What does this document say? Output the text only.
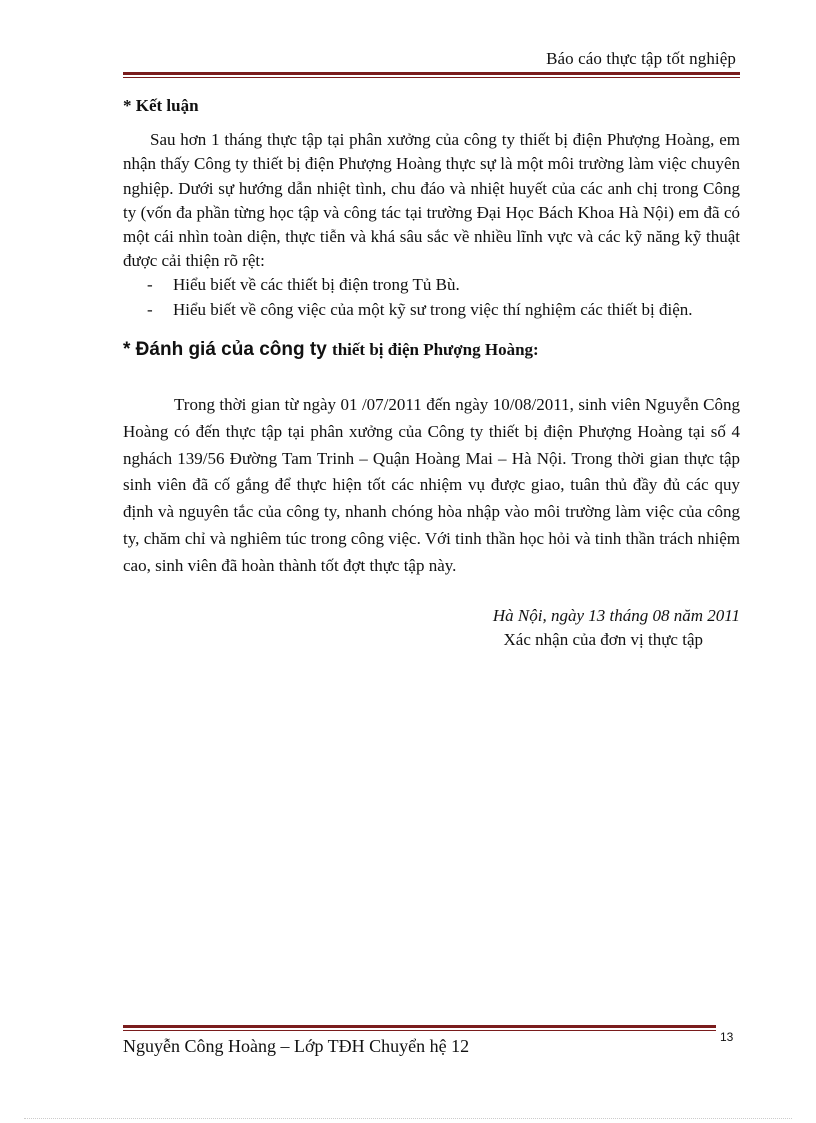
Báo cáo thực tập tốt nghiệp

* Kết luận

Sau hơn 1 tháng thực tập tại phân xưởng của công ty thiết bị điện Phượng Hoàng, em nhận thấy Công ty thiết bị điện Phượng Hoàng thực sự là một môi trường làm việc chuyên nghiệp. Dưới sự hướng dẫn nhiệt tình, chu đáo và nhiệt huyết của các anh chị trong Công ty (vốn đa phần từng học tập và công tác tại trường Đại Học Bách Khoa Hà Nội) em đã có một cái nhìn toàn diện, thực tiễn và khá sâu sắc về nhiều lĩnh vực và các kỹ năng kỹ thuật được cải thiện rõ rệt:

- Hiểu biết về các thiết bị điện trong Tủ Bù.
- Hiểu biết về công việc của một kỹ sư trong việc thí nghiệm các thiết bị điện.

* Đánh giá của công ty thiết bị điện Phượng Hoàng:

Trong thời gian từ ngày 01 /07/2011 đến ngày 10/08/2011, sinh viên Nguyễn Công Hoàng có đến thực tập tại phân xưởng của Công ty thiết bị điện Phượng Hoàng tại số 4 nghách 139/56 Đường Tam Trinh – Quận Hoàng Mai – Hà Nội. Trong thời gian thực tập sinh viên đã cố gắng để thực hiện tốt các nhiệm vụ được giao, tuân thủ đầy đủ các quy định và nguyên tắc của công ty, nhanh chóng hòa nhập vào môi trường làm việc của công ty, chăm chỉ và nghiêm túc trong công việc. Với tinh thần học hỏi và tinh thần trách nhiệm cao, sinh viên đã hoàn thành tốt đợt thực tập này.

Hà Nội, ngày 13 tháng 08 năm 2011

Xác nhận của đơn vị thực tập

Nguyễn Công Hoàng – Lớp TĐH Chuyển hệ 12	13
